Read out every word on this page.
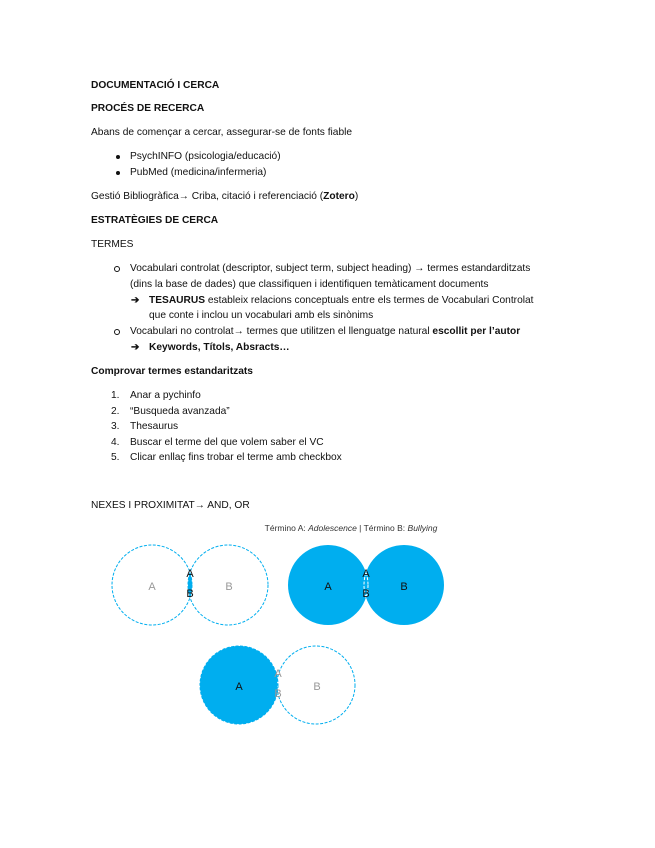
DOCUMENTACIÓ I CERCA
PROCÉS DE RECERCA
Abans de començar a cercar, assegurar-se de fonts fiable
PsychINFO (psicologia/educació)
PubMed (medicina/infermeria)
Gestió Bibliogràfica→ Criba, citació i referenciació (Zotero)
ESTRATÈGIES DE CERCA
TERMES
Vocabulari controlat (descriptor, subject term, subject heading) → termes estandarditzats
(dins la base de dades) que classifiquen i identifiquen temàticament documents
➔ TESAURUS estableix relacions conceptuals entre els termes de Vocabulari Controlat
que conte i inclou un vocabulari amb els sinònims
Vocabulari no controlat→ termes que utilitzen el llenguatge natural escollit per l’autor
➔ Keywords, Títols, Absracts…
Comprovar termes estandaritzats
1. Anar a pychinfo
2. “Busqueda avanzada”
3. Thesaurus
4. Buscar el terme del que volem saber el VC
5. Clicar enllaç fins trobar el terme amb checkbox
NEXES I PROXIMITAT→ AND, OR
Término A: Adolescence | Término B: Bullying
A	B
A
B
A	B
A
B
A	B
A
B
